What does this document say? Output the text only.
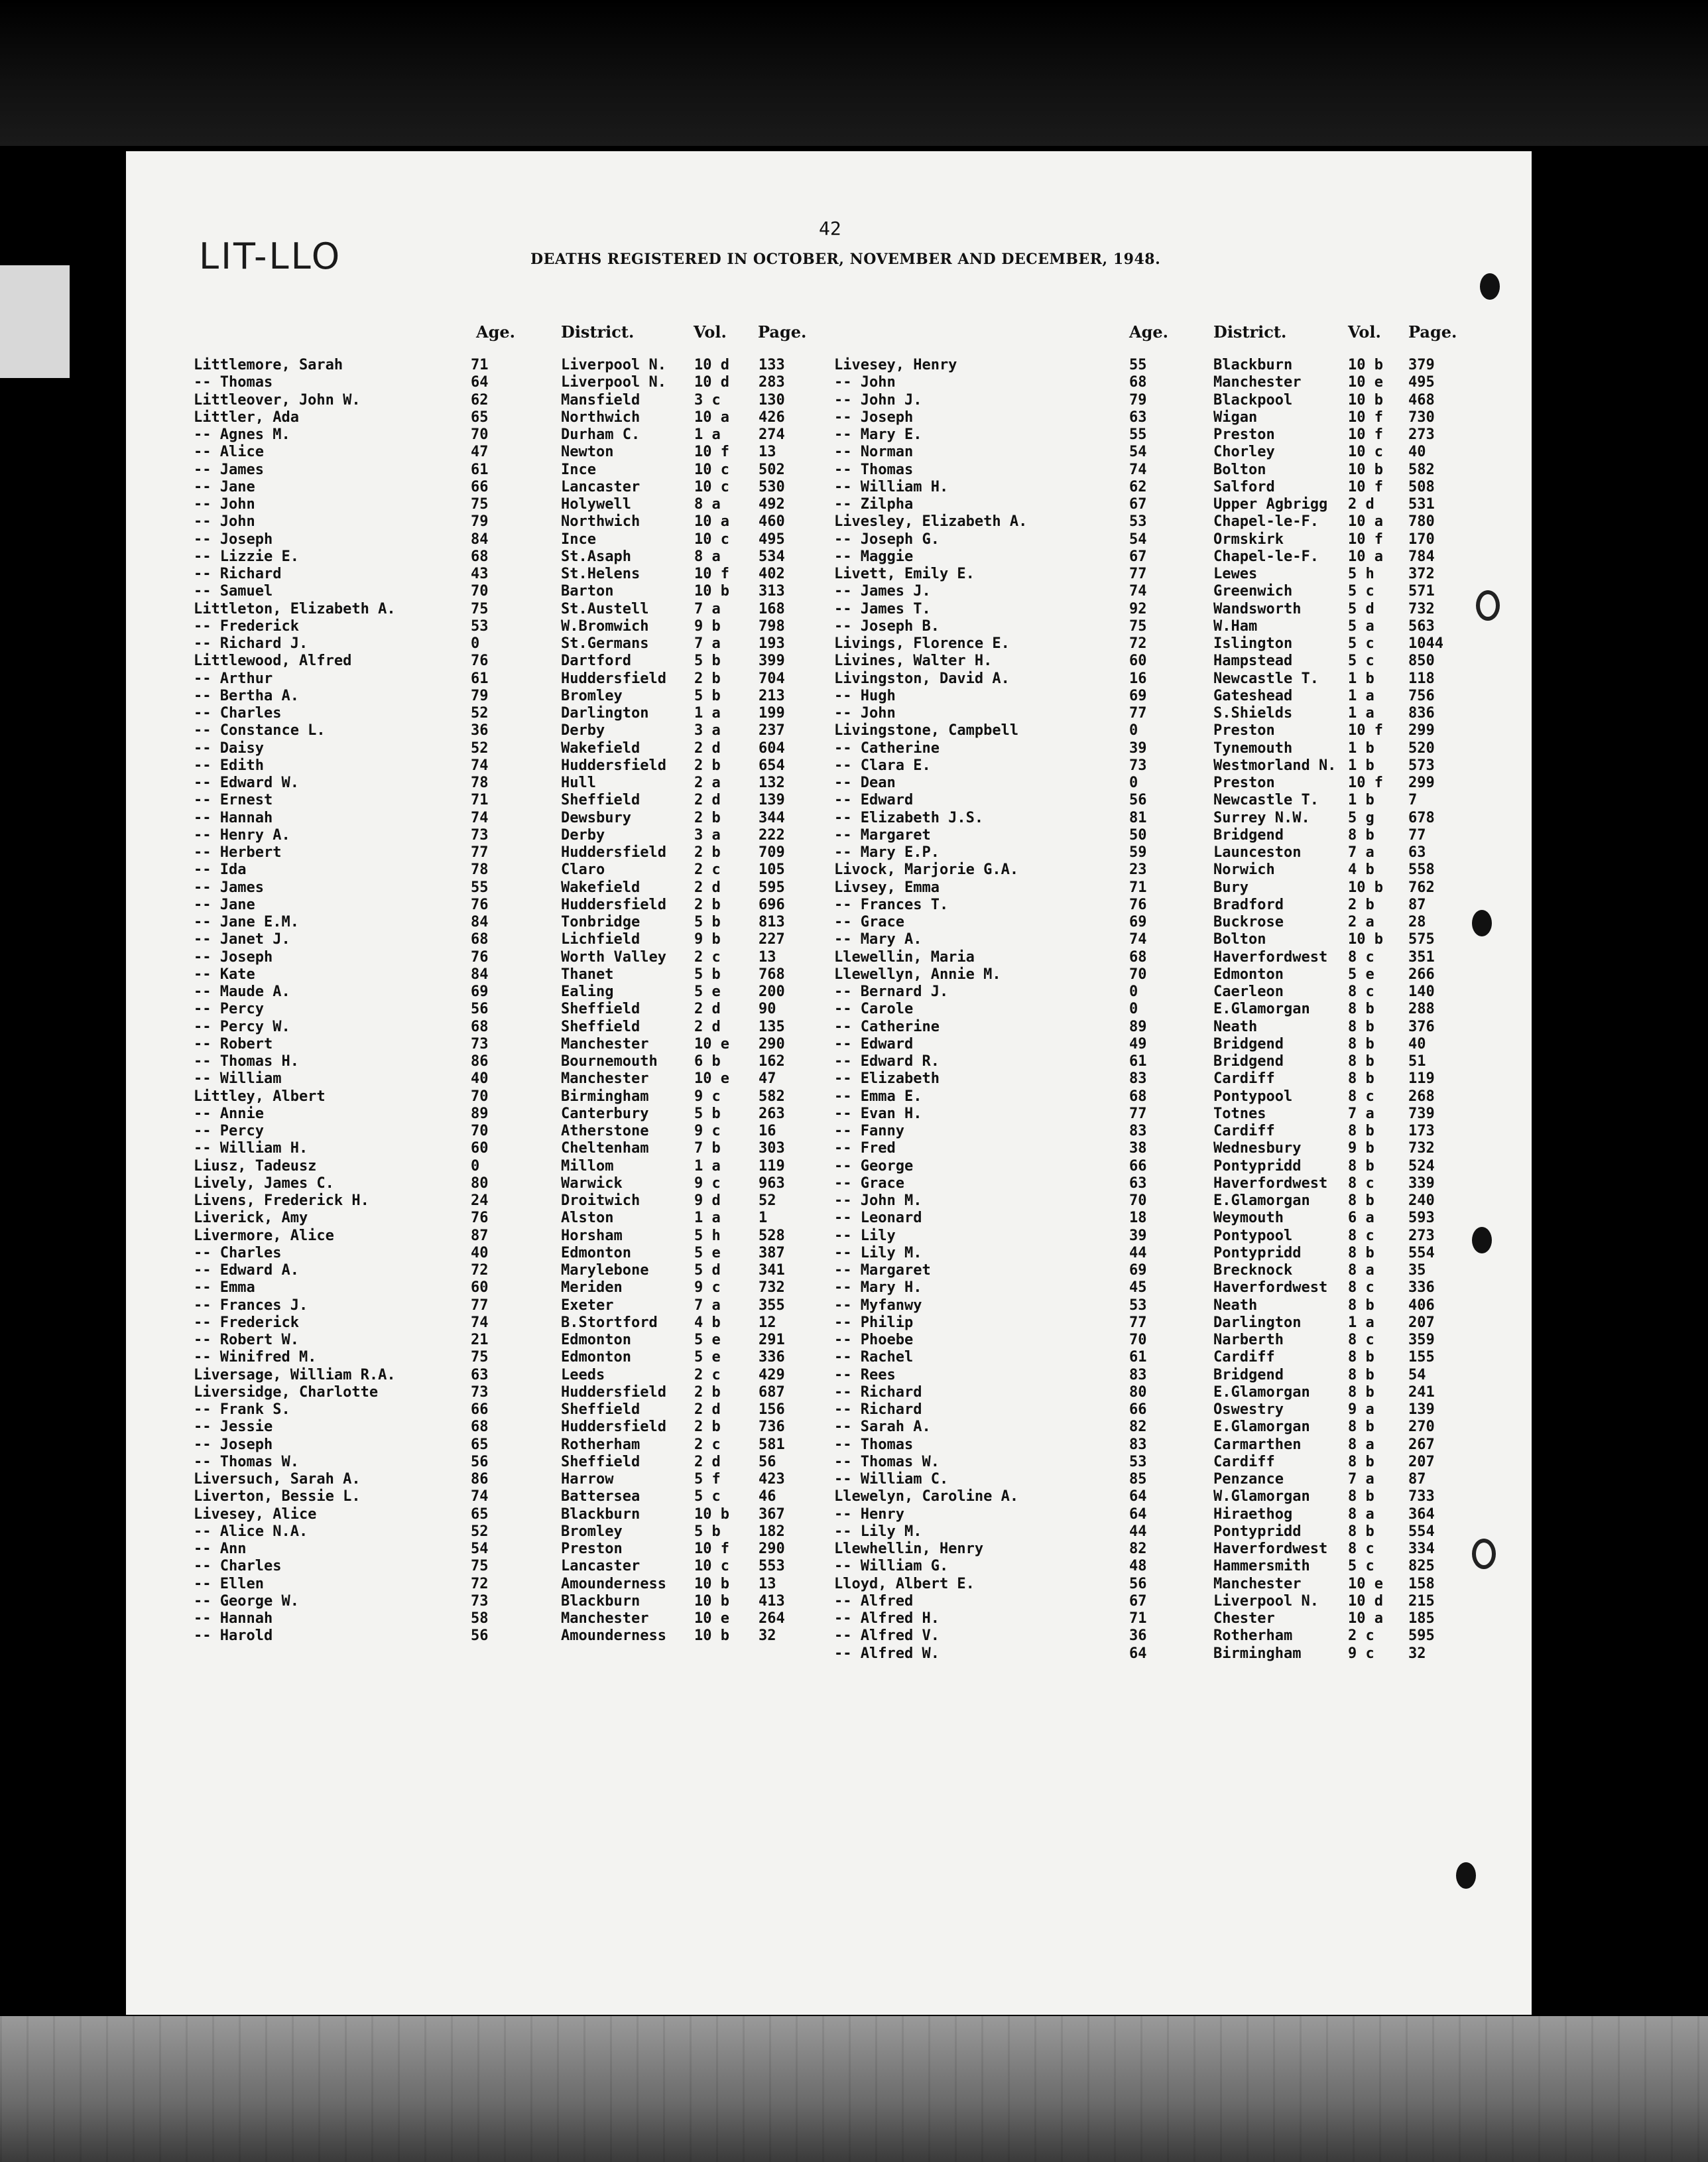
42
LIT-LLO	DEATHS REGISTERED IN OCTOBER, NOVEMBER AND DECEMBER, 1948.
Age.	District.	Vol. Page.	Age.	District.	Vol. Page.
Littlemore, Sarah	71	Liverpool N. 10 d 133
-- Thomas	64	Liverpool N. 10 d 283
Littleover, John W.	62	Mansfield	3 c	130
Littler, Ada	65	Northwich	10 a 426
-- Agnes M.	70	Durham C.	1 a	274
-- Alice	47	Newton	10 f 13
-- James	61	Ince	10 c 502
-- Jane	66	Lancaster	10 c 530
-- John	75	Holywell	8 a	492
-- John	79	Northwich	10 a 460
-- Joseph	84	Ince	10 c 495
-- Lizzie E.	68	St.Asaph	8 a	534
-- Richard	43	St.Helens	10 f 402
-- Samuel	70	Barton	10 b 313
Littleton, Elizabeth A.	75	St.Austell	7 a	168
-- Frederick	53	W.Bromwich	9 b	798
-- Richard J.	0	St.Germans	7 a	193
Littlewood, Alfred	76	Dartford	5 b	399
-- Arthur	61	Huddersfield 2 b	704
-- Bertha A.	79	Bromley	5 b	213
-- Charles	52	Darlington	1 a	199
-- Constance L.	36	Derby	3 a	237
-- Daisy	52	Wakefield	2 d	604
-- Edith	74	Huddersfield 2 b	654
-- Edward W.	78	Hull	2 a	132
-- Ernest	71	Sheffield	2 d	139
-- Hannah	74	Dewsbury	2 b	344
-- Henry A.	73	Derby	3 a	222
-- Herbert	77	Huddersfield 2 b	709
-- Ida	78	Claro	2 c	105
-- James	55	Wakefield	2 d	595
-- Jane	76	Huddersfield 2 b	696
-- Jane E.M.	84	Tonbridge	5 b	813
-- Janet J.	68	Lichfield	9 b	227
-- Joseph	76	Worth Valley 2 c	13
-- Kate	84	Thanet	5 b	768
-- Maude A.	69	Ealing	5 e	200
-- Percy	56	Sheffield	2 d	90
-- Percy W.	68	Sheffield	2 d	135
-- Robert	73	Manchester	10 e 290
-- Thomas H.	86	Bournemouth	6 b	162
-- William	40	Manchester	10 e 47
Littley, Albert	70	Birmingham	9 c	582
-- Annie	89	Canterbury	5 b	263
-- Percy	70	Atherstone	9 c	16
-- William H.	60	Cheltenham	7 b	303
Liusz, Tadeusz	0	Millom	1 a	119
Lively, James C.	80	Warwick	9 c	963
Livens, Frederick H.	24	Droitwich	9 d	52
Liverick, Amy	76	Alston	1 a	1
Livermore, Alice	87	Horsham	5 h	528
-- Charles	40	Edmonton	5 e	387
-- Edward A.	72	Marylebone	5 d	341
-- Emma	60	Meriden	9 c	732
-- Frances J.	77	Exeter	7 a	355
-- Frederick	74	B.Stortford	4 b	12
-- Robert W.	21	Edmonton	5 e	291
-- Winifred M.	75	Edmonton	5 e	336
Liversage, William R.A.	63	Leeds	2 c	429
Liversidge, Charlotte	73	Huddersfield 2 b	687
-- Frank S.	66	Sheffield	2 d	156
-- Jessie	68	Huddersfield 2 b	736
-- Joseph	65	Rotherham	2 c	581
-- Thomas W.	56	Sheffield	2 d	56
Liversuch, Sarah A.	86	Harrow	5 f	423
Liverton, Bessie L.	74	Battersea	5 c	46
Livesey, Alice	65	Blackburn	10 b 367
-- Alice N.A.	52	Bromley	5 b	182
-- Ann	54	Preston	10 f 290
-- Charles	75	Lancaster	10 c 553
-- Ellen	72	Amounderness 10 b 13
-- George W.	73	Blackburn	10 b 413
-- Hannah	58	Manchester	10 e 264
-- Harold	56	Amounderness 10 b 32
Livesey, Henry	55	Blackburn	10 b 379
-- John	68	Manchester	10 e 495
-- John J.	79	Blackpool	10 b 468
-- Joseph	63	Wigan	10 f 730
-- Mary E.	55	Preston	10 f 273
-- Norman	54	Chorley	10 c 40
-- Thomas	74	Bolton	10 b 582
-- William H.	62	Salford	10 f 508
-- Zilpha	67	Upper Agbrigg 2 d 531
Livesley, Elizabeth A.	53	Chapel-le-F. 10 a 780
-- Joseph G.	54	Ormskirk	10 f 170
-- Maggie	67	Chapel-le-F. 10 a 784
Livett, Emily E.	77	Lewes	5 h 372
-- James J.	74	Greenwich	5 c 571
-- James T.	92	Wandsworth	5 d 732
-- Joseph B.	75	W.Ham	5 a 563
Livings, Florence E.	72	Islington	5 c 1044
Livines, Walter H.	60	Hampstead	5 c 850
Livingston, David A.	16	Newcastle T. 1 b 118
-- Hugh	69	Gateshead	1 a 756
-- John	77	S.Shields	1 a 836
Livingstone, Campbell	0	Preston	10 f 299
-- Catherine	39	Tynemouth	1 b 520
-- Clara E.	73	Westmorland N. 1 b 573
-- Dean	0	Preston	10 f 299
-- Edward	56	Newcastle T. 1 b 7
-- Elizabeth J.S.	81	Surrey N.W.	5 g 678
-- Margaret	50	Bridgend	8 b 77
-- Mary E.P.	59	Launceston	7 a 63
Livock, Marjorie G.A.	23	Norwich	4 b 558
Livsey, Emma	71	Bury	10 b 762
-- Frances T.	76	Bradford	2 b 87
-- Grace	69	Buckrose	2 a 28
-- Mary A.	74	Bolton	10 b 575
Llewellin, Maria	68	Haverfordwest 8 c 351
Llewellyn, Annie M.	70	Edmonton	5 e 266
-- Bernard J.	0	Caerleon	8 c 140
-- Carole	0	E.Glamorgan	8 b 288
-- Catherine	89	Neath	8 b 376
-- Edward	49	Bridgend	8 b 40
-- Edward R.	61	Bridgend	8 b 51
-- Elizabeth	83	Cardiff	8 b 119
-- Emma E.	68	Pontypool	8 c 268
-- Evan H.	77	Totnes	7 a 739
-- Fanny	83	Cardiff	8 b 173
-- Fred	38	Wednesbury	9 b 732
-- George	66	Pontypridd	8 b 524
-- Grace	63	Haverfordwest 8 c 339
-- John M.	70	E.Glamorgan	8 b 240
-- Leonard	18	Weymouth	6 a 593
-- Lily	39	Pontypool	8 c 273
-- Lily M.	44	Pontypridd	8 b 554
-- Margaret	69	Brecknock	8 a 35
-- Mary H.	45	Haverfordwest 8 c 336
-- Myfanwy	53	Neath	8 b 406
-- Philip	77	Darlington	1 a 207
-- Phoebe	70	Narberth	8 c 359
-- Rachel	61	Cardiff	8 b 155
-- Rees	83	Bridgend	8 b 54
-- Richard	80	E.Glamorgan	8 b 241
-- Richard	66	Oswestry	9 a 139
-- Sarah A.	82	E.Glamorgan	8 b 270
-- Thomas	83	Carmarthen	8 a 267
-- Thomas W.	53	Cardiff	8 b 207
-- William C.	85	Penzance	7 a 87
Llewelyn, Caroline A.	64	W.Glamorgan	8 b 733
-- Henry	64	Hiraethog	8 a 364
-- Lily M.	44	Pontypridd	8 b 554
Llewhellin, Henry	82	Haverfordwest 8 c 334
-- William G.	48	Hammersmith	5 c 825
Lloyd, Albert E.	56	Manchester	10 e 158
-- Alfred	67	Liverpool N. 10 d 215
-- Alfred H.	71	Chester	10 a 185
-- Alfred V.	36	Rotherham	2 c 595
-- Alfred W.	64	Birmingham	9 c 32
